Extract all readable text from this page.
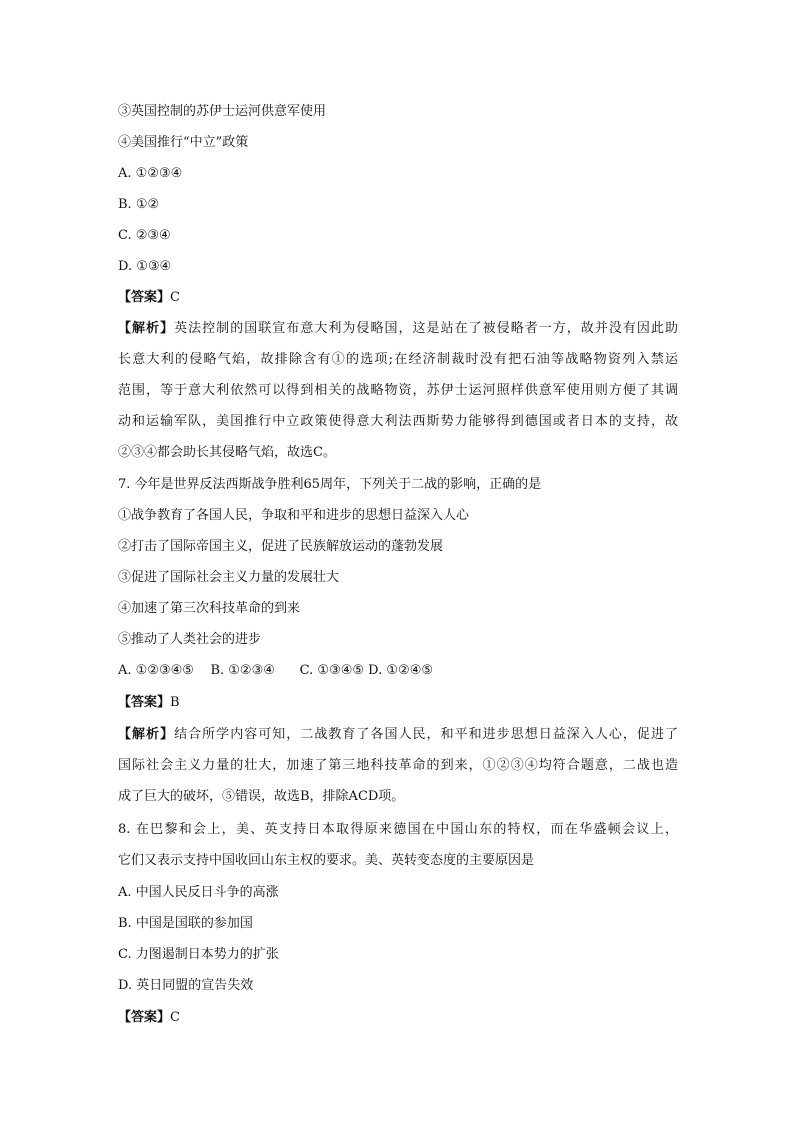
③英国控制的苏伊士运河供意军使用
④美国推行“中立”政策
A. ①②③④
B. ①②
C. ②③④
D. ①③④
【答案】C
【解析】英法控制的国联宣布意大利为侵略国，这是站在了被侵略者一方，故并没有因此助
长意大利的侵略气焰，故排除含有①的选项;在经济制裁时没有把石油等战略物资列入禁运
范围，等于意大利依然可以得到相关的战略物资，苏伊士运河照样供意军使用则方便了其调
动和运输军队，美国推行中立政策使得意大利法西斯势力能够得到德国或者日本的支持，故
②③④都会助长其侵略气焰，故选C。
7. 今年是世界反法西斯战争胜利65周年，下列关于二战的影响，正确的是
①战争教育了各国人民，争取和平和进步的思想日益深入人心
②打击了国际帝国主义，促进了民族解放运动的蓬勃发展
③促进了国际社会主义力量的发展壮大
④加速了第三次科技革命的到来
⑤推动了人类社会的进步
A. ①②③④⑤    B. ①②③④      C. ①③④⑤ D. ①②④⑤
【答案】B
【解析】结合所学内容可知，二战教育了各国人民，和平和进步思想日益深入人心，促进了
国际社会主义力量的壮大，加速了第三地科技革命的到来，①②③④均符合题意，二战也造
成了巨大的破坏，⑤错误，故选B，排除ACD项。
8. 在巴黎和会上，美、英支持日本取得原来德国在中国山东的特权，而在华盛顿会议上，
它们又表示支持中国收回山东主权的要求。美、英转变态度的主要原因是
A. 中国人民反日斗争的高涨
B. 中国是国联的参加国
C. 力图遏制日本势力的扩张
D. 英日同盟的宣告失效
【答案】C
